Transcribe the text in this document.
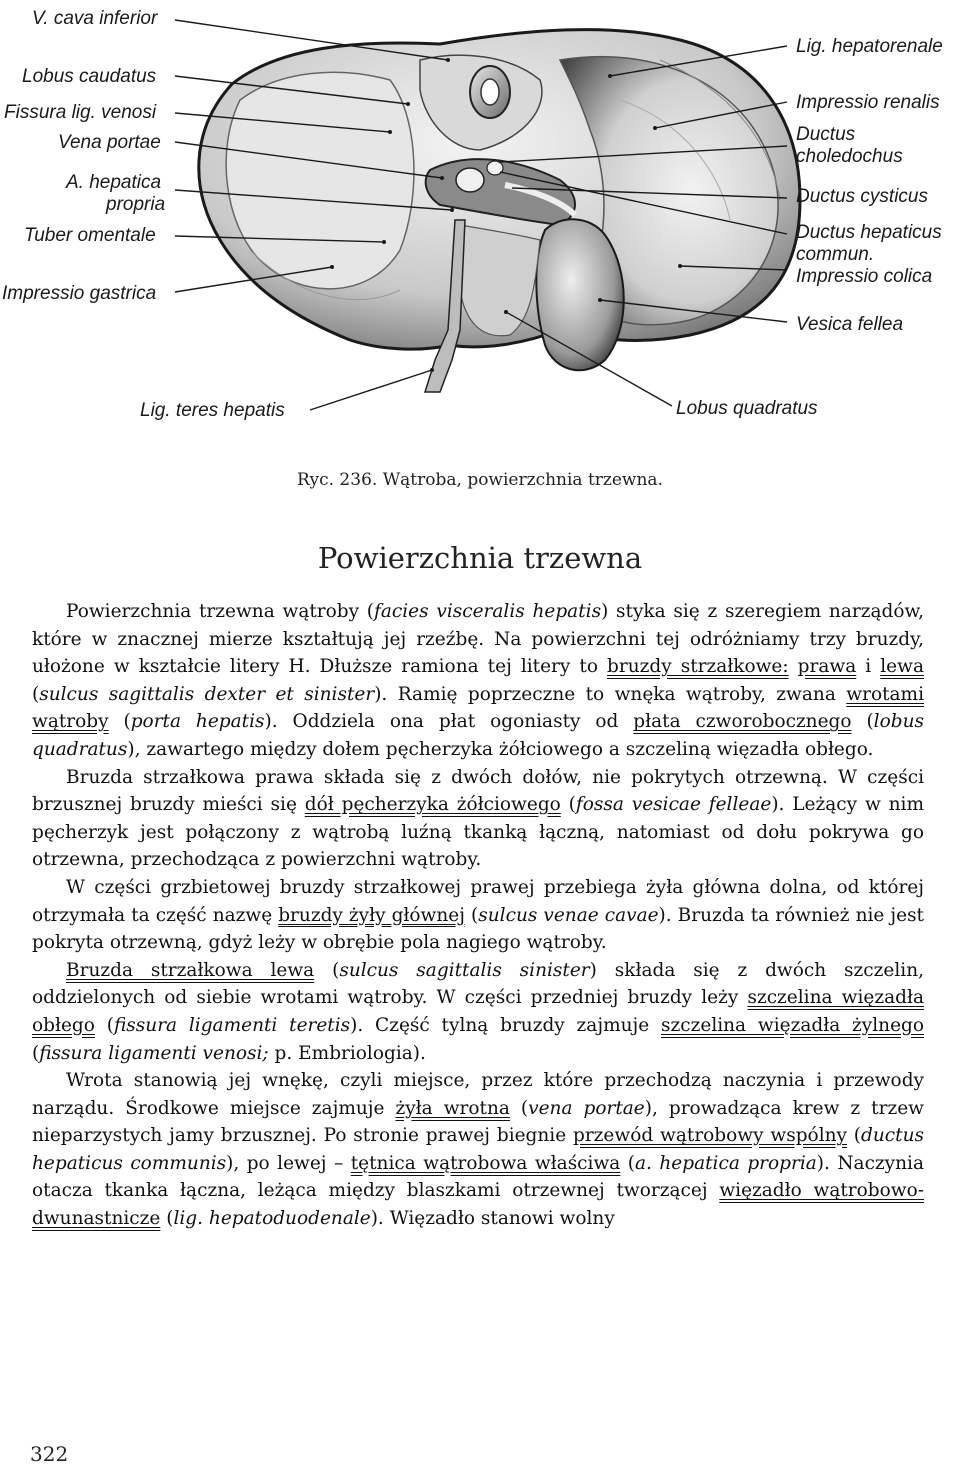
V. cava inferior
Lobus caudatus
Fissura lig. venosi
Vena portae
A. hepatica
propria
Tuber omentale
Impressio gastrica
Lig. hepatorenale
Impressio renalis
Ductus
choledochus
Ductus cysticus
Ductus hepaticus
commun.
Impressio colica
Vesica fellea
Lig. teres hepatis	Lobus quadratus
Ryc. 236. Wątroba, powierzchnia trzewna.
Powierzchnia trzewna

Powierzchnia trzewna wątroby (facies visceralis hepatis) styka się z szeregiem narządów, które w znacznej mierze kształtują jej rzeźbę. Na powierzchni tej odróżniamy trzy bruzdy, ułożone w kształcie litery H. Dłuższe ramiona tej litery to bruzdy strzałkowe: prawa i lewa (sulcus sagittalis dexter et sinister). Ramię poprzeczne to wnęka wątroby, zwana wrotami wątroby (porta hepatis). Oddziela ona płat ogoniasty od płata czworobocznego (lobus quadratus), zawartego między dołem pęcherzyka żółciowego a szczeliną więzadła obłego.

Bruzda strzałkowa prawa składa się z dwóch dołów, nie pokrytych otrzewną. W części brzusznej bruzdy mieści się dół pęcherzyka żółciowego (fossa vesicae felleae). Leżący w nim pęcherzyk jest połączony z wątrobą luźną tkanką łączną, natomiast od dołu pokrywa go otrzewna, przechodząca z powierzchni wątroby.

W części grzbietowej bruzdy strzałkowej prawej przebiega żyła główna dolna, od której otrzymała ta część nazwę bruzdy żyły głównej (sulcus venae cavae). Bruzda ta również nie jest pokryta otrzewną, gdyż leży w obrębie pola nagiego wątroby.

Bruzda strzałkowa lewa (sulcus sagittalis sinister) składa się z dwóch szczelin, oddzielonych od siebie wrotami wątroby. W części przedniej bruzdy leży szczelina więzadła obłego (fissura ligamenti teretis). Część tylną bruzdy zajmuje szczelina więzadła żylnego (fissura ligamenti venosi; p. Embriologia).

Wrota stanowią jej wnękę, czyli miejsce, przez które przechodzą naczynia i przewody narządu. Środkowe miejsce zajmuje żyła wrotna (vena portae), prowadząca krew z trzew nieparzystych jamy brzusznej. Po stronie prawej biegnie przewód wątrobowy wspólny (ductus hepaticus communis), po lewej – tętnica wątrobowa właściwa (a. hepatica propria). Naczynia otacza tkanka łączna, leżąca między blaszkami otrzewnej tworzącej więzadło wątrobowo-dwunastnicze (lig. hepatoduodenale). Więzadło stanowi wolny

322
